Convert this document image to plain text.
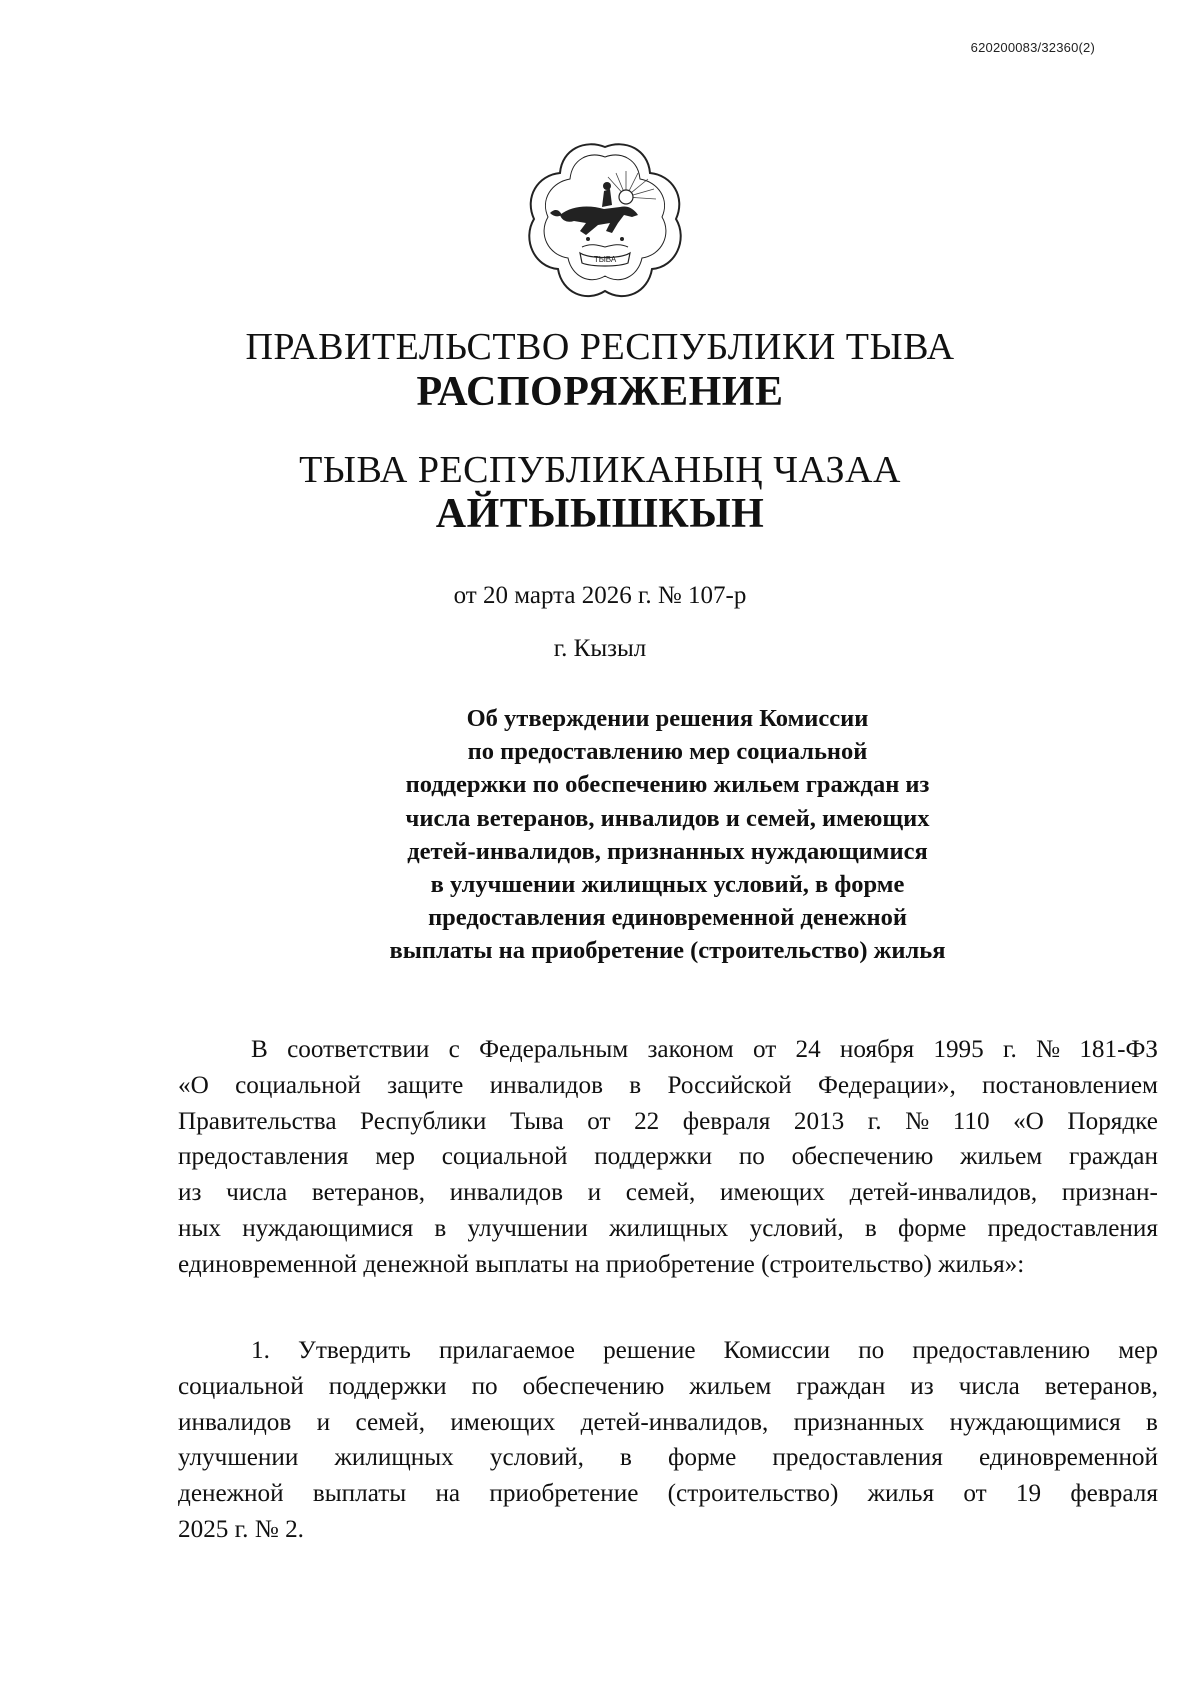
620200083/32360(2)
ТЫВА
ПРАВИТЕЛЬСТВО РЕСПУБЛИКИ ТЫВА
РАСПОРЯЖЕНИЕ
ТЫВА РЕСПУБЛИКАНЫҢ ЧАЗАА
АЙТЫЫШКЫН
от 20 марта 2026 г. № 107-р
г. Кызыл
Об утверждении решения Комиссии
по предоставлению мер социальной
поддержки по обеспечению жильем граждан из
числа ветеранов, инвалидов и семей, имеющих
детей-инвалидов, признанных нуждающимися
в улучшении жилищных условий, в форме
предоставления единовременной денежной
выплаты на приобретение (строительство) жилья
В соответствии с Федеральным законом от 24 ноября 1995 г. № 181-ФЗ
«О социальной защите инвалидов в Российской Федерации», постановлением
Правительства Республики Тыва от 22 февраля 2013 г. № 110 «О Порядке
предоставления мер социальной поддержки по обеспечению жильем граждан
из числа ветеранов, инвалидов и семей, имеющих детей-инвалидов, признан-
ных нуждающимися в улучшении жилищных условий, в форме предоставления
единовременной денежной выплаты на приобретение (строительство) жилья»:
1. Утвердить прилагаемое решение Комиссии по предоставлению мер
социальной поддержки по обеспечению жильем граждан из числа ветеранов,
инвалидов и семей, имеющих детей-инвалидов, признанных нуждающимися в
улучшении жилищных условий, в форме предоставления единовременной
денежной выплаты на приобретение (строительство) жилья от 19 февраля
2025 г. № 2.
